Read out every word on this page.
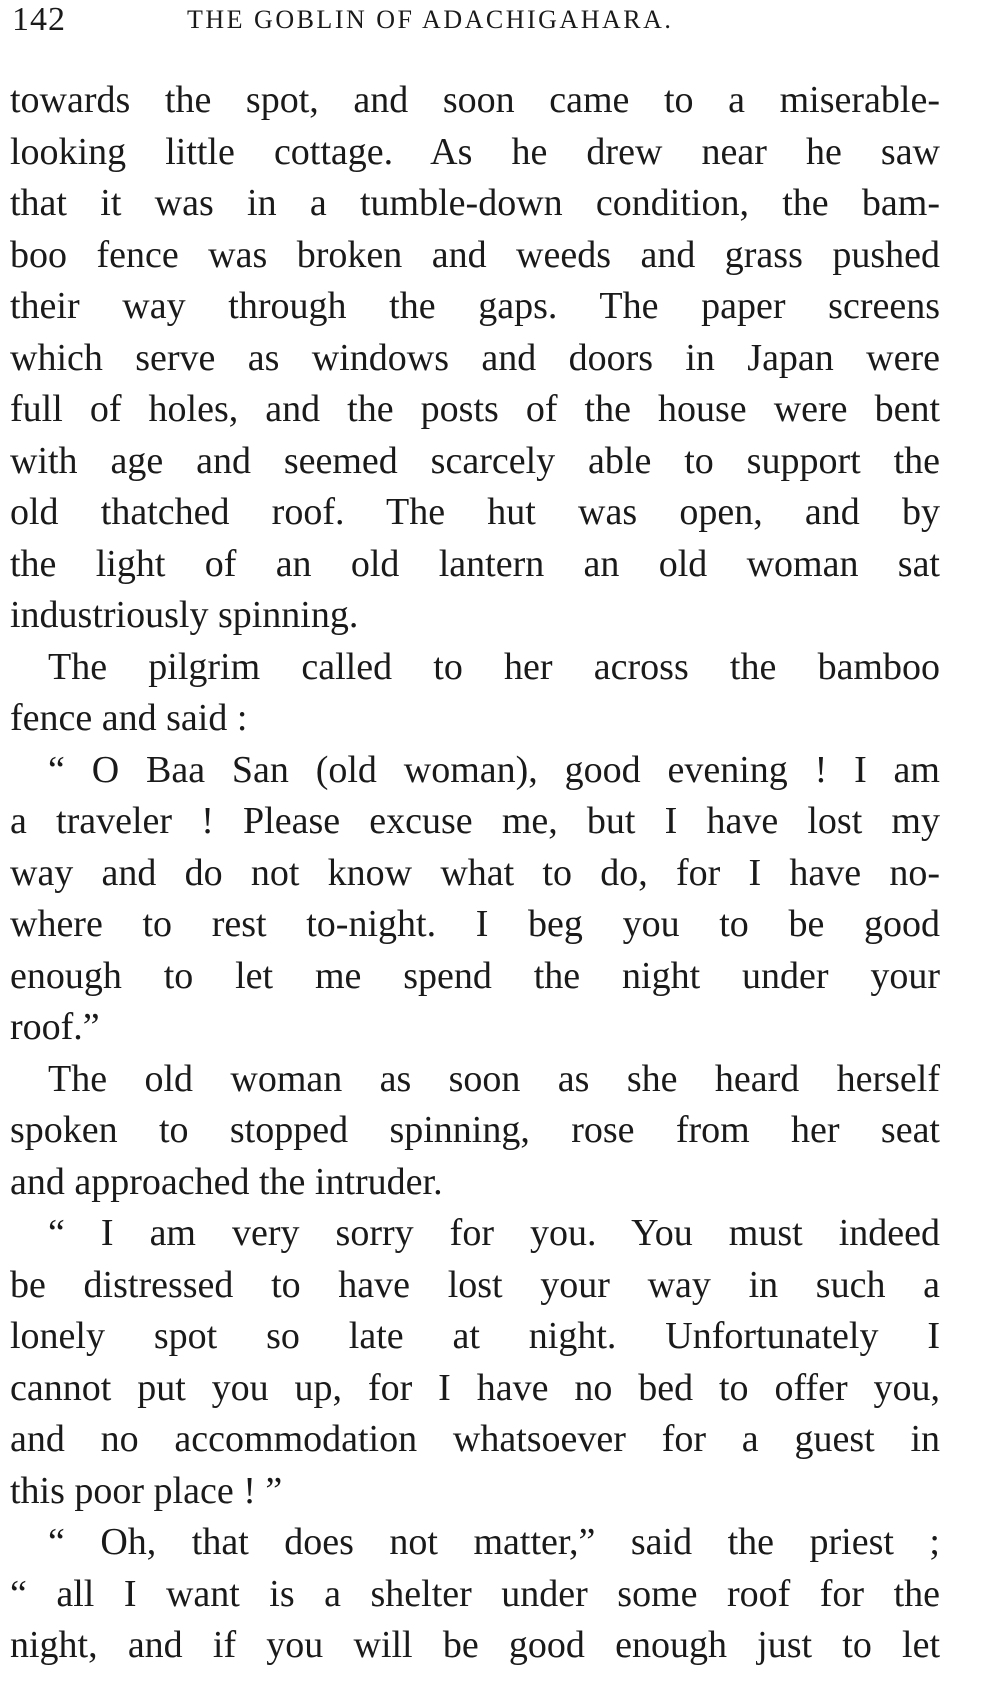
142	THE GOBLIN OF ADACHIGAHARA.
towards the spot, and soon came to a miserable-
looking little cottage. As he drew near he saw
that it was in a tumble-down condition, the bam-
boo fence was broken and weeds and grass pushed
their way through the gaps. The paper screens
which serve as windows and doors in Japan were
full of holes, and the posts of the house were bent
with age and seemed scarcely able to support the
old thatched roof. The hut was open, and by
the light of an old lantern an old woman sat
industriously spinning.
The pilgrim called to her across the bamboo
fence and said :
“ O Baa San (old woman), good evening ! I am
a traveler ! Please excuse me, but I have lost my
way and do not know what to do, for I have no-
where to rest to-night. I beg you to be good
enough to let me spend the night under your
roof.”
The old woman as soon as she heard herself
spoken to stopped spinning, rose from her seat
and approached the intruder.
“ I am very sorry for you. You must indeed
be distressed to have lost your way in such a
lonely spot so late at night. Unfortunately I
cannot put you up, for I have no bed to offer you,
and no accommodation whatsoever for a guest in
this poor place ! ”
“ Oh, that does not matter,” said the priest ;
“ all I want is a shelter under some roof for the
night, and if you will be good enough just to let
